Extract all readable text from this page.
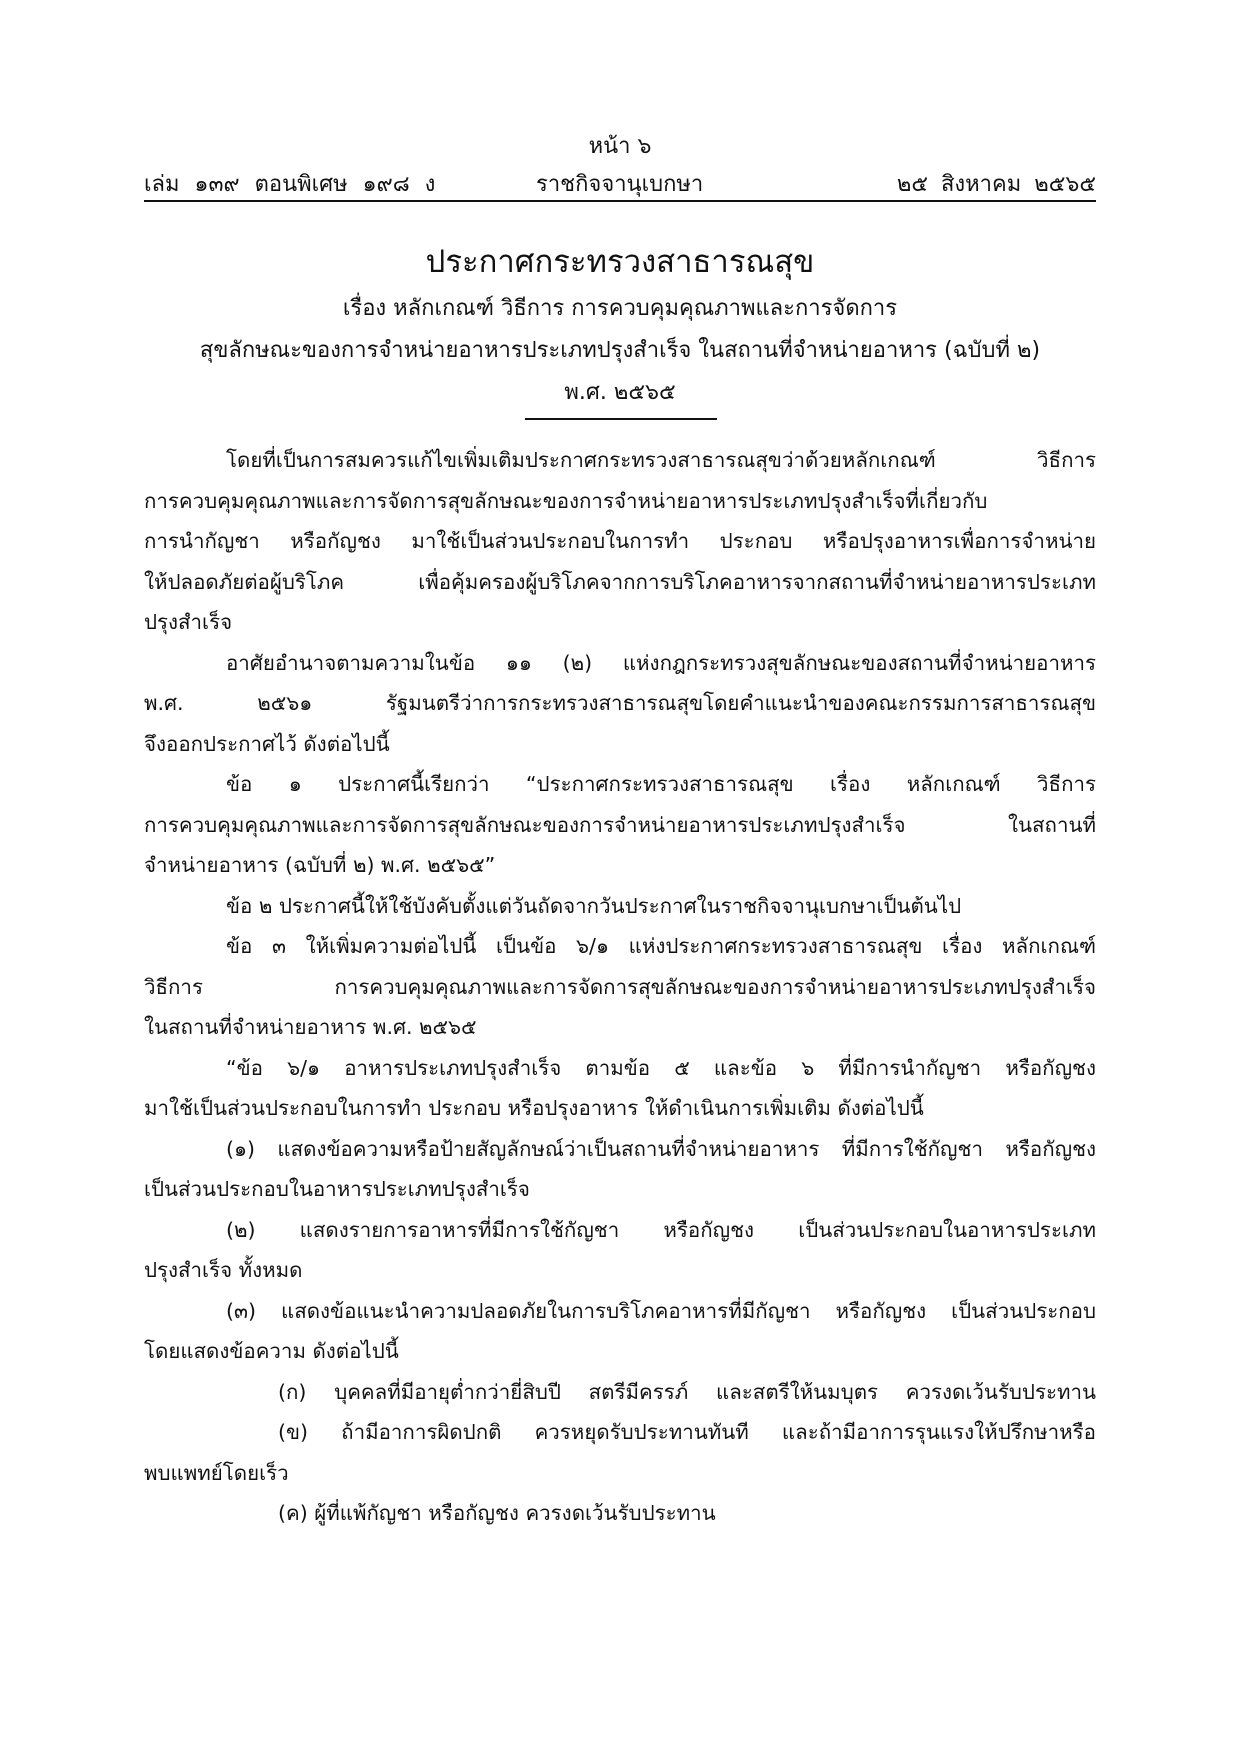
หน้า ๖
เล่ม ๑๓๙ ตอนพิเศษ ๑๙๘ ง	ราชกิจจานุเบกษา	๒๕ สิงหาคม ๒๕๖๕
ประกาศกระทรวงสาธารณสุข
เรื่อง หลักเกณฑ์ วิธีการ การควบคุมคุณภาพและการจัดการ
สุขลักษณะของการจำหน่ายอาหารประเภทปรุงสำเร็จ ในสถานที่จำหน่ายอาหาร (ฉบับที่ ๒)
พ.ศ. ๒๕๖๕
โดยที่เป็นการสมควรแก้ไขเพิ่มเติมประกาศกระทรวงสาธารณสุขว่าด้วยหลักเกณฑ์ วิธีการ
การควบคุมคุณภาพและการจัดการสุขลักษณะของการจำหน่ายอาหารประเภทปรุงสำเร็จที่เกี่ยวกับ
การนำกัญชา หรือกัญชง มาใช้เป็นส่วนประกอบในการทำ ประกอบ หรือปรุงอาหารเพื่อการจำหน่าย
ให้ปลอดภัยต่อผู้บริโภค เพื่อคุ้มครองผู้บริโภคจากการบริโภคอาหารจากสถานที่จำหน่ายอาหารประเภท
ปรุงสำเร็จ
อาศัยอำนาจตามความในข้อ ๑๑ (๒) แห่งกฎกระทรวงสุขลักษณะของสถานที่จำหน่ายอาหาร
พ.ศ. ๒๕๖๑ รัฐมนตรีว่าการกระทรวงสาธารณสุขโดยคำแนะนำของคณะกรรมการสาธารณสุข
จึงออกประกาศไว้ ดังต่อไปนี้
ข้อ ๑ ประกาศนี้เรียกว่า “ประกาศกระทรวงสาธารณสุข เรื่อง หลักเกณฑ์ วิธีการ
การควบคุมคุณภาพและการจัดการสุขลักษณะของการจำหน่ายอาหารประเภทปรุงสำเร็จ ในสถานที่
จำหน่ายอาหาร (ฉบับที่ ๒) พ.ศ. ๒๕๖๕”
ข้อ ๒ ประกาศนี้ให้ใช้บังคับตั้งแต่วันถัดจากวันประกาศในราชกิจจานุเบกษาเป็นต้นไป
ข้อ ๓ ให้เพิ่มความต่อไปนี้ เป็นข้อ ๖/๑ แห่งประกาศกระทรวงสาธารณสุข เรื่อง หลักเกณฑ์
วิธีการ การควบคุมคุณภาพและการจัดการสุขลักษณะของการจำหน่ายอาหารประเภทปรุงสำเร็จ
ในสถานที่จำหน่ายอาหาร พ.ศ. ๒๕๖๕
“ข้อ ๖/๑ อาหารประเภทปรุงสำเร็จ ตามข้อ ๕ และข้อ ๖ ที่มีการนำกัญชา หรือกัญชง
มาใช้เป็นส่วนประกอบในการทำ ประกอบ หรือปรุงอาหาร ให้ดำเนินการเพิ่มเติม ดังต่อไปนี้
(๑) แสดงข้อความหรือป้ายสัญลักษณ์ว่าเป็นสถานที่จำหน่ายอาหาร ที่มีการใช้กัญชา หรือกัญชง
เป็นส่วนประกอบในอาหารประเภทปรุงสำเร็จ
(๒) แสดงรายการอาหารที่มีการใช้กัญชา หรือกัญชง เป็นส่วนประกอบในอาหารประเภท
ปรุงสำเร็จ ทั้งหมด
(๓) แสดงข้อแนะนำความปลอดภัยในการบริโภคอาหารที่มีกัญชา หรือกัญชง เป็นส่วนประกอบ
โดยแสดงข้อความ ดังต่อไปนี้
(ก) บุคคลที่มีอายุต่ำกว่ายี่สิบปี สตรีมีครรภ์ และสตรีให้นมบุตร ควรงดเว้นรับประทาน
(ข) ถ้ามีอาการผิดปกติ ควรหยุดรับประทานทันที และถ้ามีอาการรุนแรงให้ปรึกษาหรือ
พบแพทย์โดยเร็ว
(ค) ผู้ที่แพ้กัญชา หรือกัญชง ควรงดเว้นรับประทาน
